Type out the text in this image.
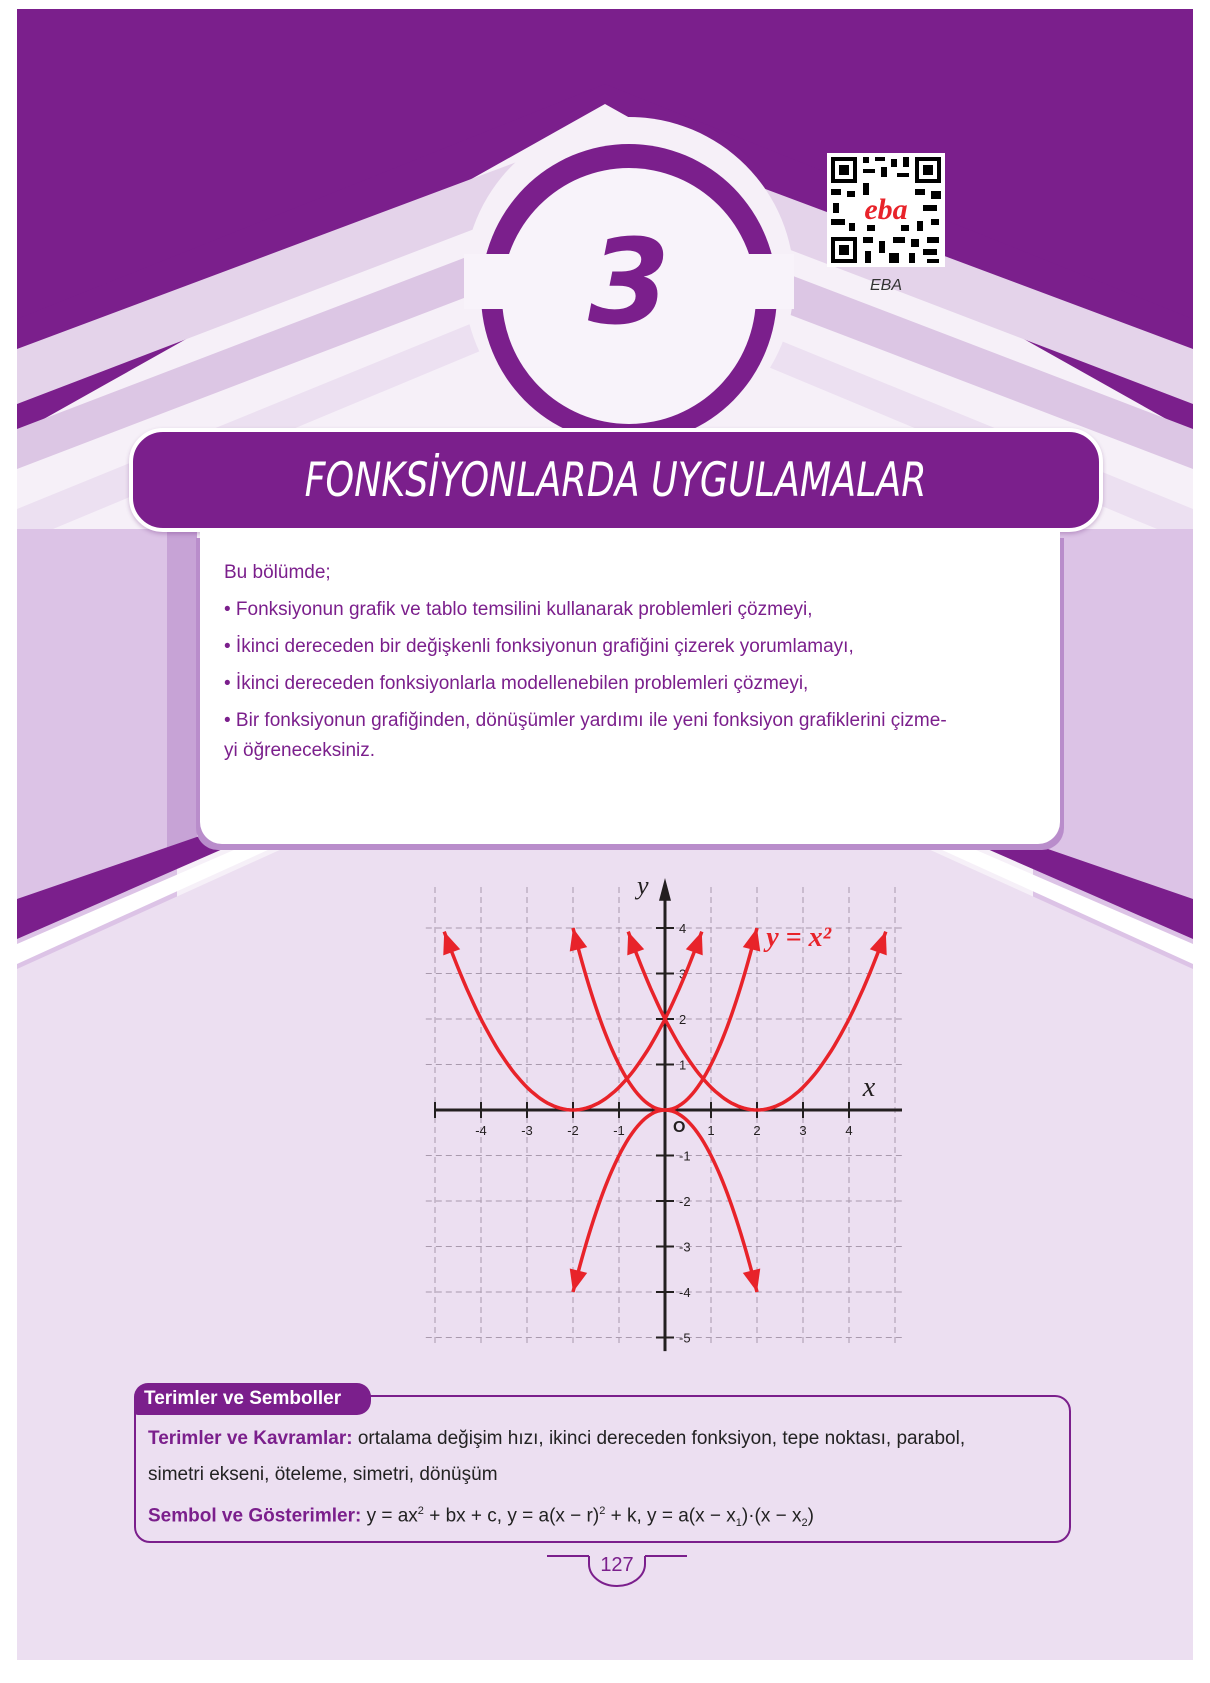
3
eba
EBA
FONKSİYONLARDA UYGULAMALAR

Bu bölümde;

• Fonksiyonun grafik ve tablo temsilini kullanarak problemleri çözmeyi,

• İkinci dereceden bir değişkenli fonksiyonun grafiğini çizerek yorumlamayı,

• İkinci dereceden fonksiyonlarla modellenebilen problemleri çözmeyi,

• Bir fonksiyonun grafiğinden, dönüşümler yardımı ile yeni fonksiyon grafiklerini çizme-

yi öğreneceksiniz.

-4	-3	-2	-1	1	2	3	4
4
3
2
1
-1
-2
-3
-4
-5
O
y
x
y = x²
Terimler ve Semboller
Terimler ve Kavramlar: ortalama değişim hızı, ikinci dereceden fonksiyon, tepe noktası, parabol,
simetri ekseni, öteleme, simetri, dönüşüm
Sembol ve Gösterimler: $y = ax^2$ + bx + c, $y = a(x - r)^2 + k$, $y = a(x - x_1)\cdot(x - x_2)$
127
